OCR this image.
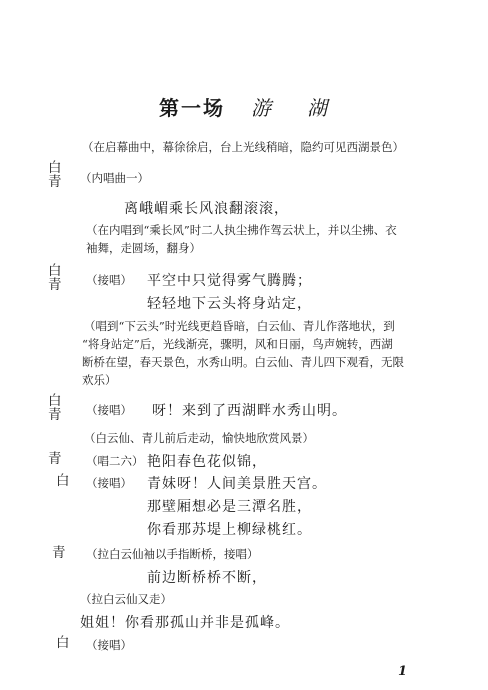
第一场 游 湖
（在启幕曲中，幕徐徐启，台上光线稍暗，隐约可见西湖景色）
白
青 （内唱曲一）
离峨嵋乘长风浪翻滚滚，
（在内唱到“乘长风”时二人执尘拂作驾云状上，并以尘拂、衣
袖舞，走圆场，翻身）
白
青 （接唱） 平空中只觉得雾气腾腾；
轻轻地下云头将身站定，
（唱到“下云头”时光线更趋昏暗，白云仙、青儿作落地状，到
“将身站定”后，光线渐亮，骤明，风和日丽，鸟声婉转，西湖
断桥在望，春天景色，水秀山明。白云仙、青儿四下观看，无限
欢乐）
白
青 （接唱） 呀！来到了西湖畔水秀山明。
（白云仙、青儿前后走动，愉快地欣赏风景）
青 （唱二六） 艳阳春色花似锦，
白 （接唱） 青妹呀！人间美景胜天宫。
那壁厢想必是三潭名胜，
你看那苏堤上柳绿桃红。
青 （拉白云仙袖以手指断桥，接唱）
前边断桥桥不断，
（拉白云仙又走）
姐姐！你看那孤山并非是孤峰。
白 （接唱）
1
